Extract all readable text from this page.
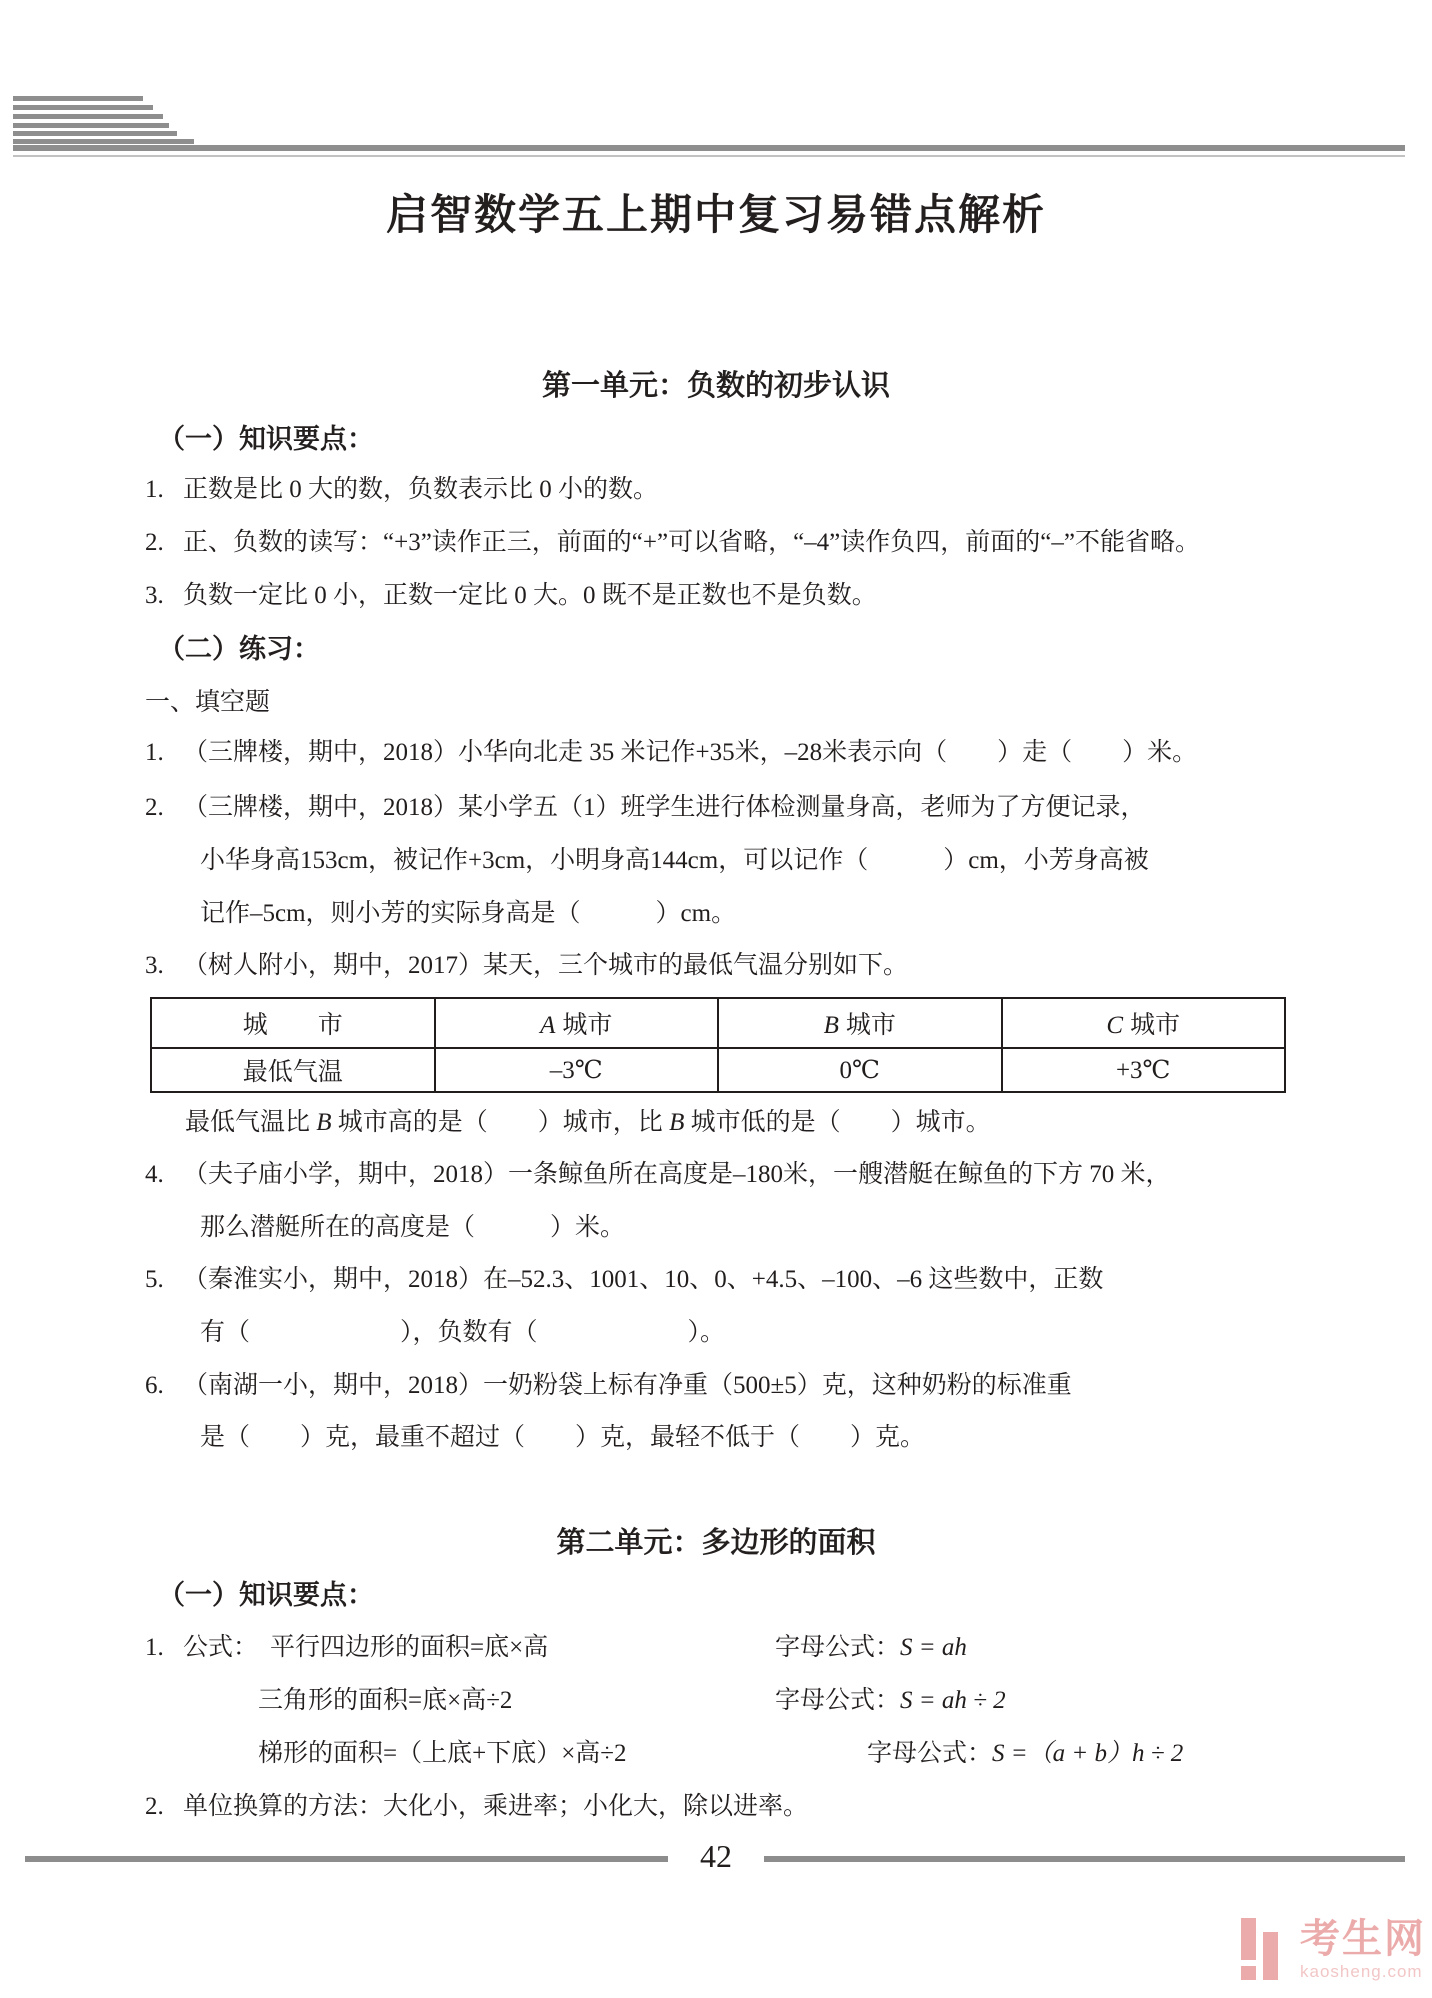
启智数学五上期中复习易错点解析
第一单元：负数的初步认识
（一）知识要点：
1. 正数是比 0 大的数，负数表示比 0 小的数。
2. 正、负数的读写：“+3”读作正三，前面的“+”可以省略，“–4”读作负四，前面的“–”不能省略。
3. 负数一定比 0 小，正数一定比 0 大。0 既不是正数也不是负数。
（二）练习：
一、填空题
1. （三牌楼，期中，2018）小华向北走 35 米记作+35米，–28米表示向（　　）走（　　）米。
2. （三牌楼，期中，2018）某小学五（1）班学生进行体检测量身高，老师为了方便记录，
小华身高153cm，被记作+3cm，小明身高144cm，可以记作（　　　）cm，小芳身高被
记作–5cm，则小芳的实际身高是（　　　）cm。
3. （树人附小，期中，2017）某天，三个城市的最低气温分别如下。
城　　市	A 城市	B 城市	C 城市
最低气温	–3℃	0℃	+3℃
最低气温比 B 城市高的是（　　）城市，比 B 城市低的是（　　）城市。
4. （夫子庙小学，期中，2018）一条鲸鱼所在高度是–180米，一艘潜艇在鲸鱼的下方 70 米，
那么潜艇所在的高度是（　　　）米。
5. （秦淮实小，期中，2018）在–52.3、1001、10、0、+4.5、–100、–6 这些数中，正数
有（　　　　　　），负数有（　　　　　　）。
6. （南湖一小，期中，2018）一奶粉袋上标有净重（500±5）克，这种奶粉的标准重
是（　　）克，最重不超过（　　）克，最轻不低于（　　）克。
第二单元：多边形的面积
（一）知识要点：
1. 公式： 平行四边形的面积=底×高	字母公式：S = ah
三角形的面积=底×高÷2	字母公式：S = ah ÷ 2
梯形的面积=（上底+下底）×高÷2	字母公式：S =（a + b）h ÷ 2
2. 单位换算的方法：大化小，乘进率；小化大，除以进率。
42
考生网
kaosheng.com
